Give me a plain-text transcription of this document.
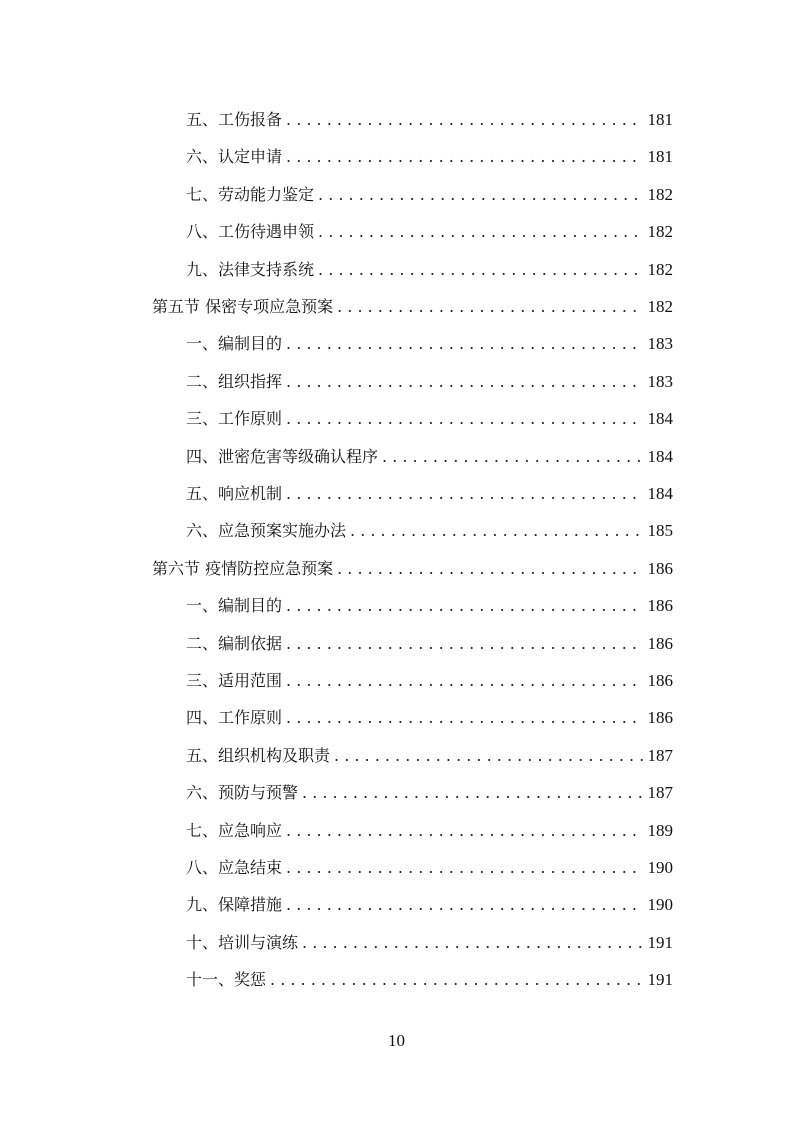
五、工伤报备 . . .	181
六、认定申请 . . .	181
七、劳动能力鉴定 . . .	182
八、工伤待遇申领 . . .	182
九、法律支持系统 . . .	182
第五节 保密专项应急预案 . . .	182
一、编制目的 . . .	183
二、组织指挥 . . .	183
三、工作原则 . . .	184
四、泄密危害等级确认程序 . . .	184
五、响应机制 . . .	184
六、应急预案实施办法 . . .	185
第六节 疫情防控应急预案 . . .	186
一、编制目的 . . .	186
二、编制依据 . . .	186
三、适用范围 . . .	186
四、工作原则 . . .	186
五、组织机构及职责 . . .	187
六、预防与预警 . . .	187
七、应急响应 . . .	189
八、应急结束 . . .	190
九、保障措施 . . .	190
十、培训与演练 . . .	191
十一、奖惩 . . .	191
10
